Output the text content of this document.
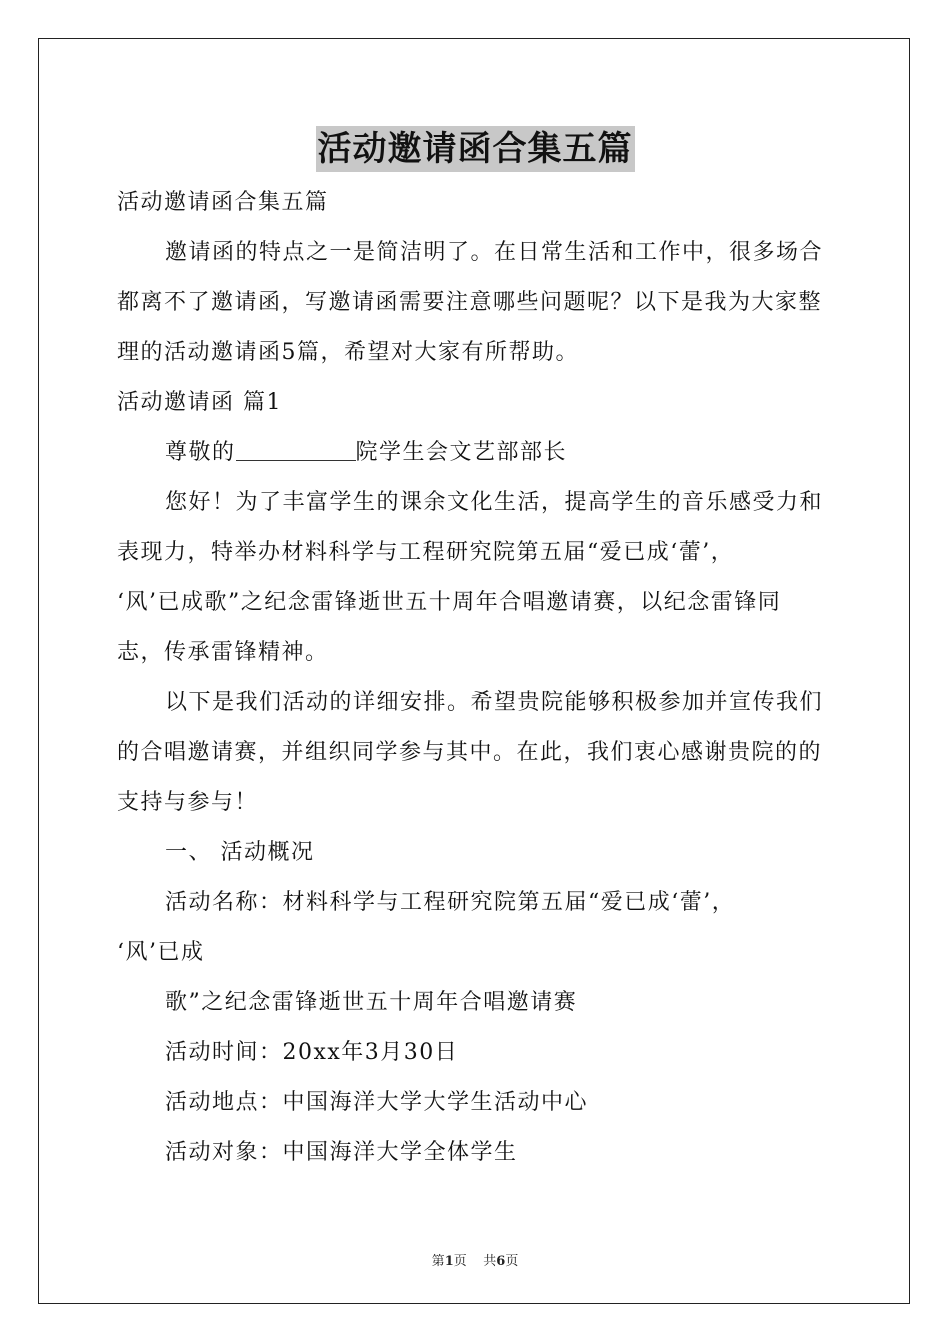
活动邀请函合集五篇
活动邀请函合集五篇
邀请函的特点之一是简洁明了。在日常生活和工作中，很多场合
都离不了邀请函，写邀请函需要注意哪些问题呢？以下是我为大家整
理的活动邀请函5篇，希望对大家有所帮助。
活动邀请函 篇1
尊敬的	院学生会文艺部部长
您好！为了丰富学生的课余文化生活，提高学生的音乐感受力和
表现力，特举办材料科学与工程研究院第五届“爱已成‘蕾’，
‘风’已成歌”之纪念雷锋逝世五十周年合唱邀请赛，以纪念雷锋同
志，传承雷锋精神。
以下是我们活动的详细安排。希望贵院能够积极参加并宣传我们
的合唱邀请赛，并组织同学参与其中。在此，我们衷心感谢贵院的的
支持与参与！
一、 活动概况
活动名称：材料科学与工程研究院第五届“爱已成‘蕾’，
‘风’已成
歌”之纪念雷锋逝世五十周年合唱邀请赛
活动时间：20xx年3月30日
活动地点：中国海洋大学大学生活动中心
活动对象：中国海洋大学全体学生
第1页    共6页
